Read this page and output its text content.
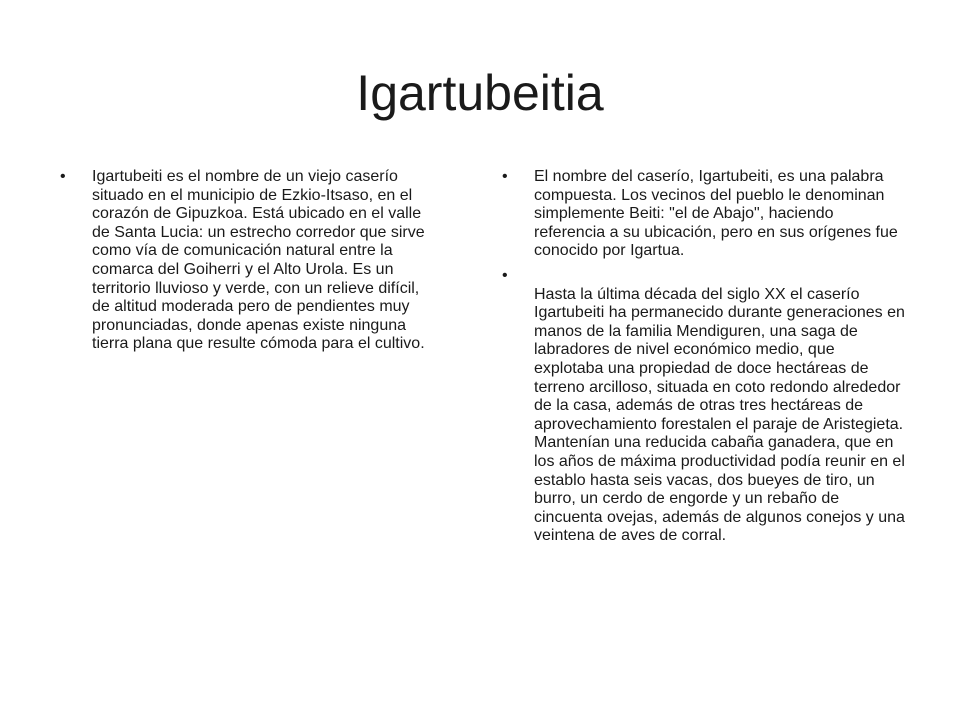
Igartubeitia
• Igartubeiti es el nombre de un viejo caserío situado en el municipio de Ezkio-Itsaso, en el corazón de Gipuzkoa. Está ubicado en el valle de Santa Lucia: un estrecho corredor que sirve como vía de comunicación natural entre la comarca del Goiherri y el Alto Urola. Es un territorio lluvioso y verde, con un relieve difícil, de altitud moderada pero de pendientes muy pronunciadas, donde apenas existe ninguna tierra plana que resulte cómoda para el cultivo.
• El nombre del caserío, Igartubeiti, es una palabra compuesta. Los vecinos del pueblo le denominan simplemente Beiti: "el de Abajo", haciendo referencia a su ubicación, pero en sus orígenes fue conocido por Igartua.
•
Hasta la última década del siglo XX el caserío Igartubeiti ha permanecido durante generaciones en manos de la familia Mendiguren, una saga de labradores de nivel económico medio, que explotaba una propiedad de doce hectáreas de terreno arcilloso, situada en coto redondo alrededor de la casa, además de otras tres hectáreas de aprovechamiento forestalen el paraje de Aristegieta. Mantenían una reducida cabaña ganadera, que en los años de máxima productividad podía reunir en el establo hasta seis vacas, dos bueyes de tiro, un burro, un cerdo de engorde y un rebaño de cincuenta ovejas, además de algunos conejos y una veintena de aves de corral.
